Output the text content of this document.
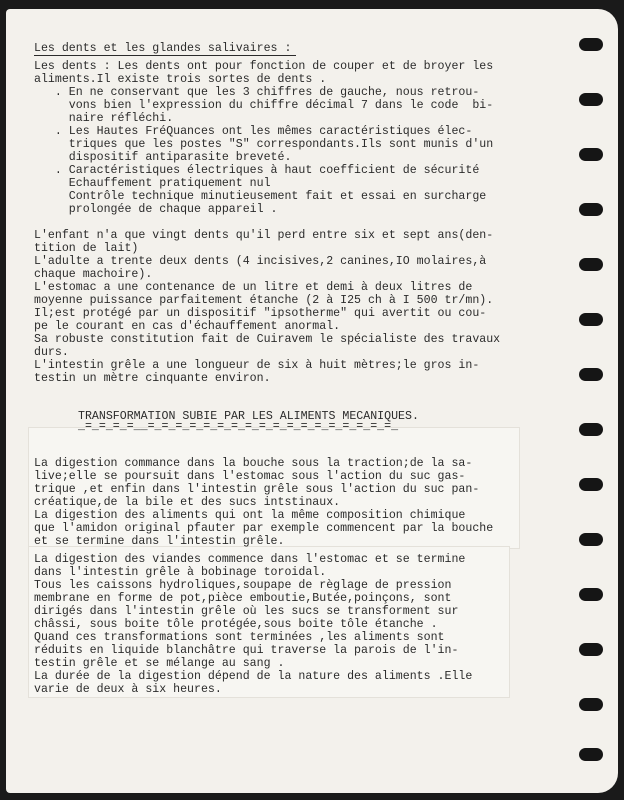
Les dents et les glandes salivaires :
Les dents : Les dents ont pour fonction de couper et de broyer les
aliments.Il existe trois sortes de dents .
. En ne conservant que les 3 chiffres de gauche, nous retrou-
vons bien l'expression du chiffre décimal 7 dans le code  bi-
naire réfléchi.
. Les Hautes FréQuances ont les mêmes caractéristiques élec-
triques que les postes "S" correspondants.Ils sont munis d'un
dispositif antiparasite breveté.
. Caractéristiques électriques à haut coefficient de sécurité
Echauffement pratiquement nul
Contrôle technique minutieusement fait et essai en surcharge
prolongée de chaque appareil .
L'enfant n'a que vingt dents qu'il perd entre six et sept ans(den-
tition de lait)
L'adulte a trente deux dents (4 incisives,2 canines,IO molaires,à
chaque machoire).
L'estomac a une contenance de un litre et demi à deux litres de
moyenne puissance parfaitement étanche (2 à I25 ch à I 500 tr/mn).
Il;est protégé par un dispositif "ipsotherme" qui avertit ou cou-
pe le courant en cas d'échauffement anormal.
Sa robuste constitution fait de Cuiravem le spécialiste des travaux
durs.
L'intestin grêle a une longueur de six à huit mètres;le gros in-
testin un mètre cinquante environ.
TRANSFORMATION SUBIE PAR LES ALIMENTS MECANIQUES.
_=_=_=_=__=_=_=_=_=_=_=_=_=_=_=_=_=_=_=_=_=_=_
La digestion commance dans la bouche sous la traction;de la sa-
live;elle se poursuit dans l'estomac sous l'action du suc gas-
trique ,et enfin dans l'intestin grêle sous l'action du suc pan-
créatique,de la bile et des sucs intstinaux.
La digestion des aliments qui ont la même composition chimique
que l'amidon original pfauter par exemple commencent par la bouche
et se termine dans l'intestin grêle.
La digestion des viandes commence dans l'estomac et se termine
dans l'intestin grêle à bobinage toroidal.
Tous les caissons hydroliques,soupape de règlage de pression
membrane en forme de pot,pièce emboutie,Butée,poinçons, sont
dirigés dans l'intestin grêle où les sucs se transforment sur
châssi, sous boite tôle protégée,sous boite tôle étanche .
Quand ces transformations sont terminées ,les aliments sont
réduits en liquide blanchâtre qui traverse la parois de l'in-
testin grêle et se mélange au sang .
La durée de la digestion dépend de la nature des aliments .Elle
varie de deux à six heures.
